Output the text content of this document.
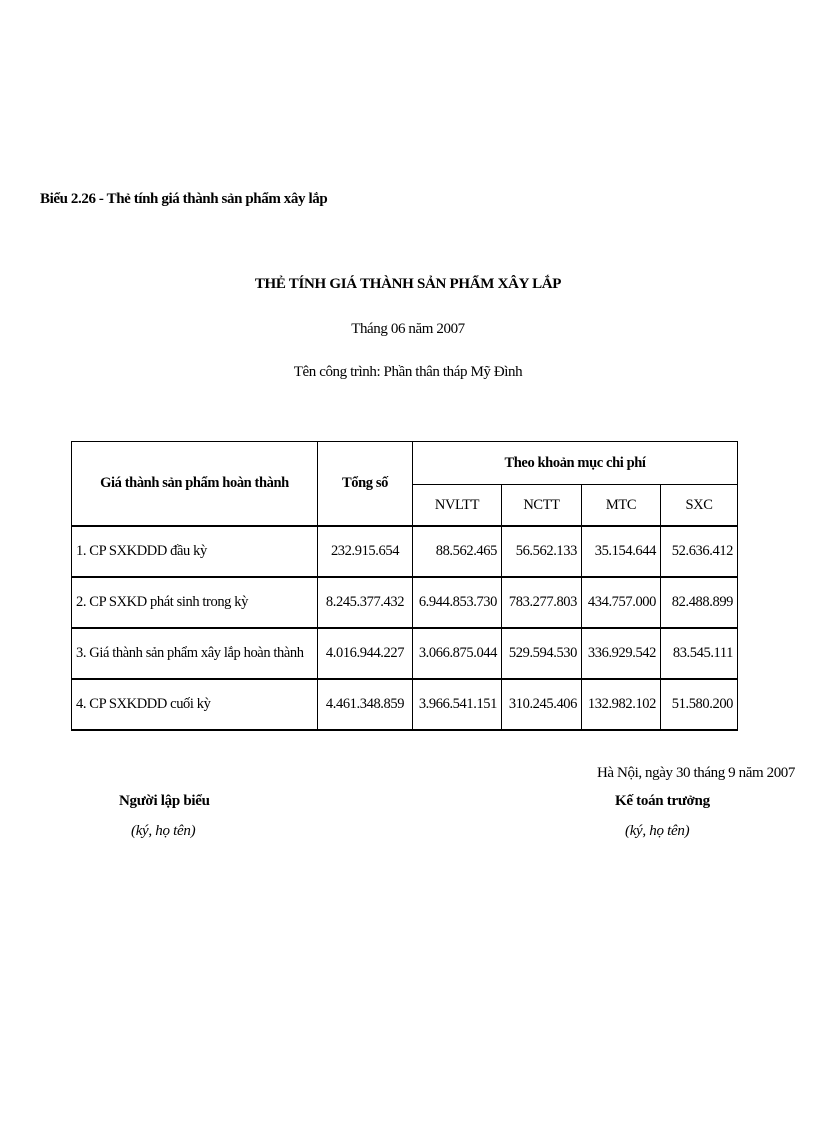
Biểu 2.26 - Thẻ tính giá thành sản phẩm xây lắp
THẺ TÍNH GIÁ THÀNH SẢN PHẨM XÂY LẮP
Tháng 06 năm 2007
Tên công trình: Phần thân tháp Mỹ Đình
Giá thành sản phẩm hoàn thành	Tổng số	Theo khoản mục chi phí			
		NVLTT	NCTT	MTC	SXC
1. CP SXKDDD đầu kỳ	232.915.654	88.562.465	56.562.133	35.154.644	52.636.412
2. CP SXKD phát sinh trong kỳ	8.245.377.432	6.944.853.730	783.277.803	434.757.000	82.488.899
3. Giá thành sản phẩm xây lắp hoàn thành	4.016.944.227	3.066.875.044	529.594.530	336.929.542	83.545.111
4. CP SXKDDD cuối kỳ	4.461.348.859	3.966.541.151	310.245.406	132.982.102	51.580.200
Hà Nội, ngày 30 tháng 9 năm 2007
Người lập biểu
(ký, họ tên)
Kế toán trưởng
(ký, họ tên)
